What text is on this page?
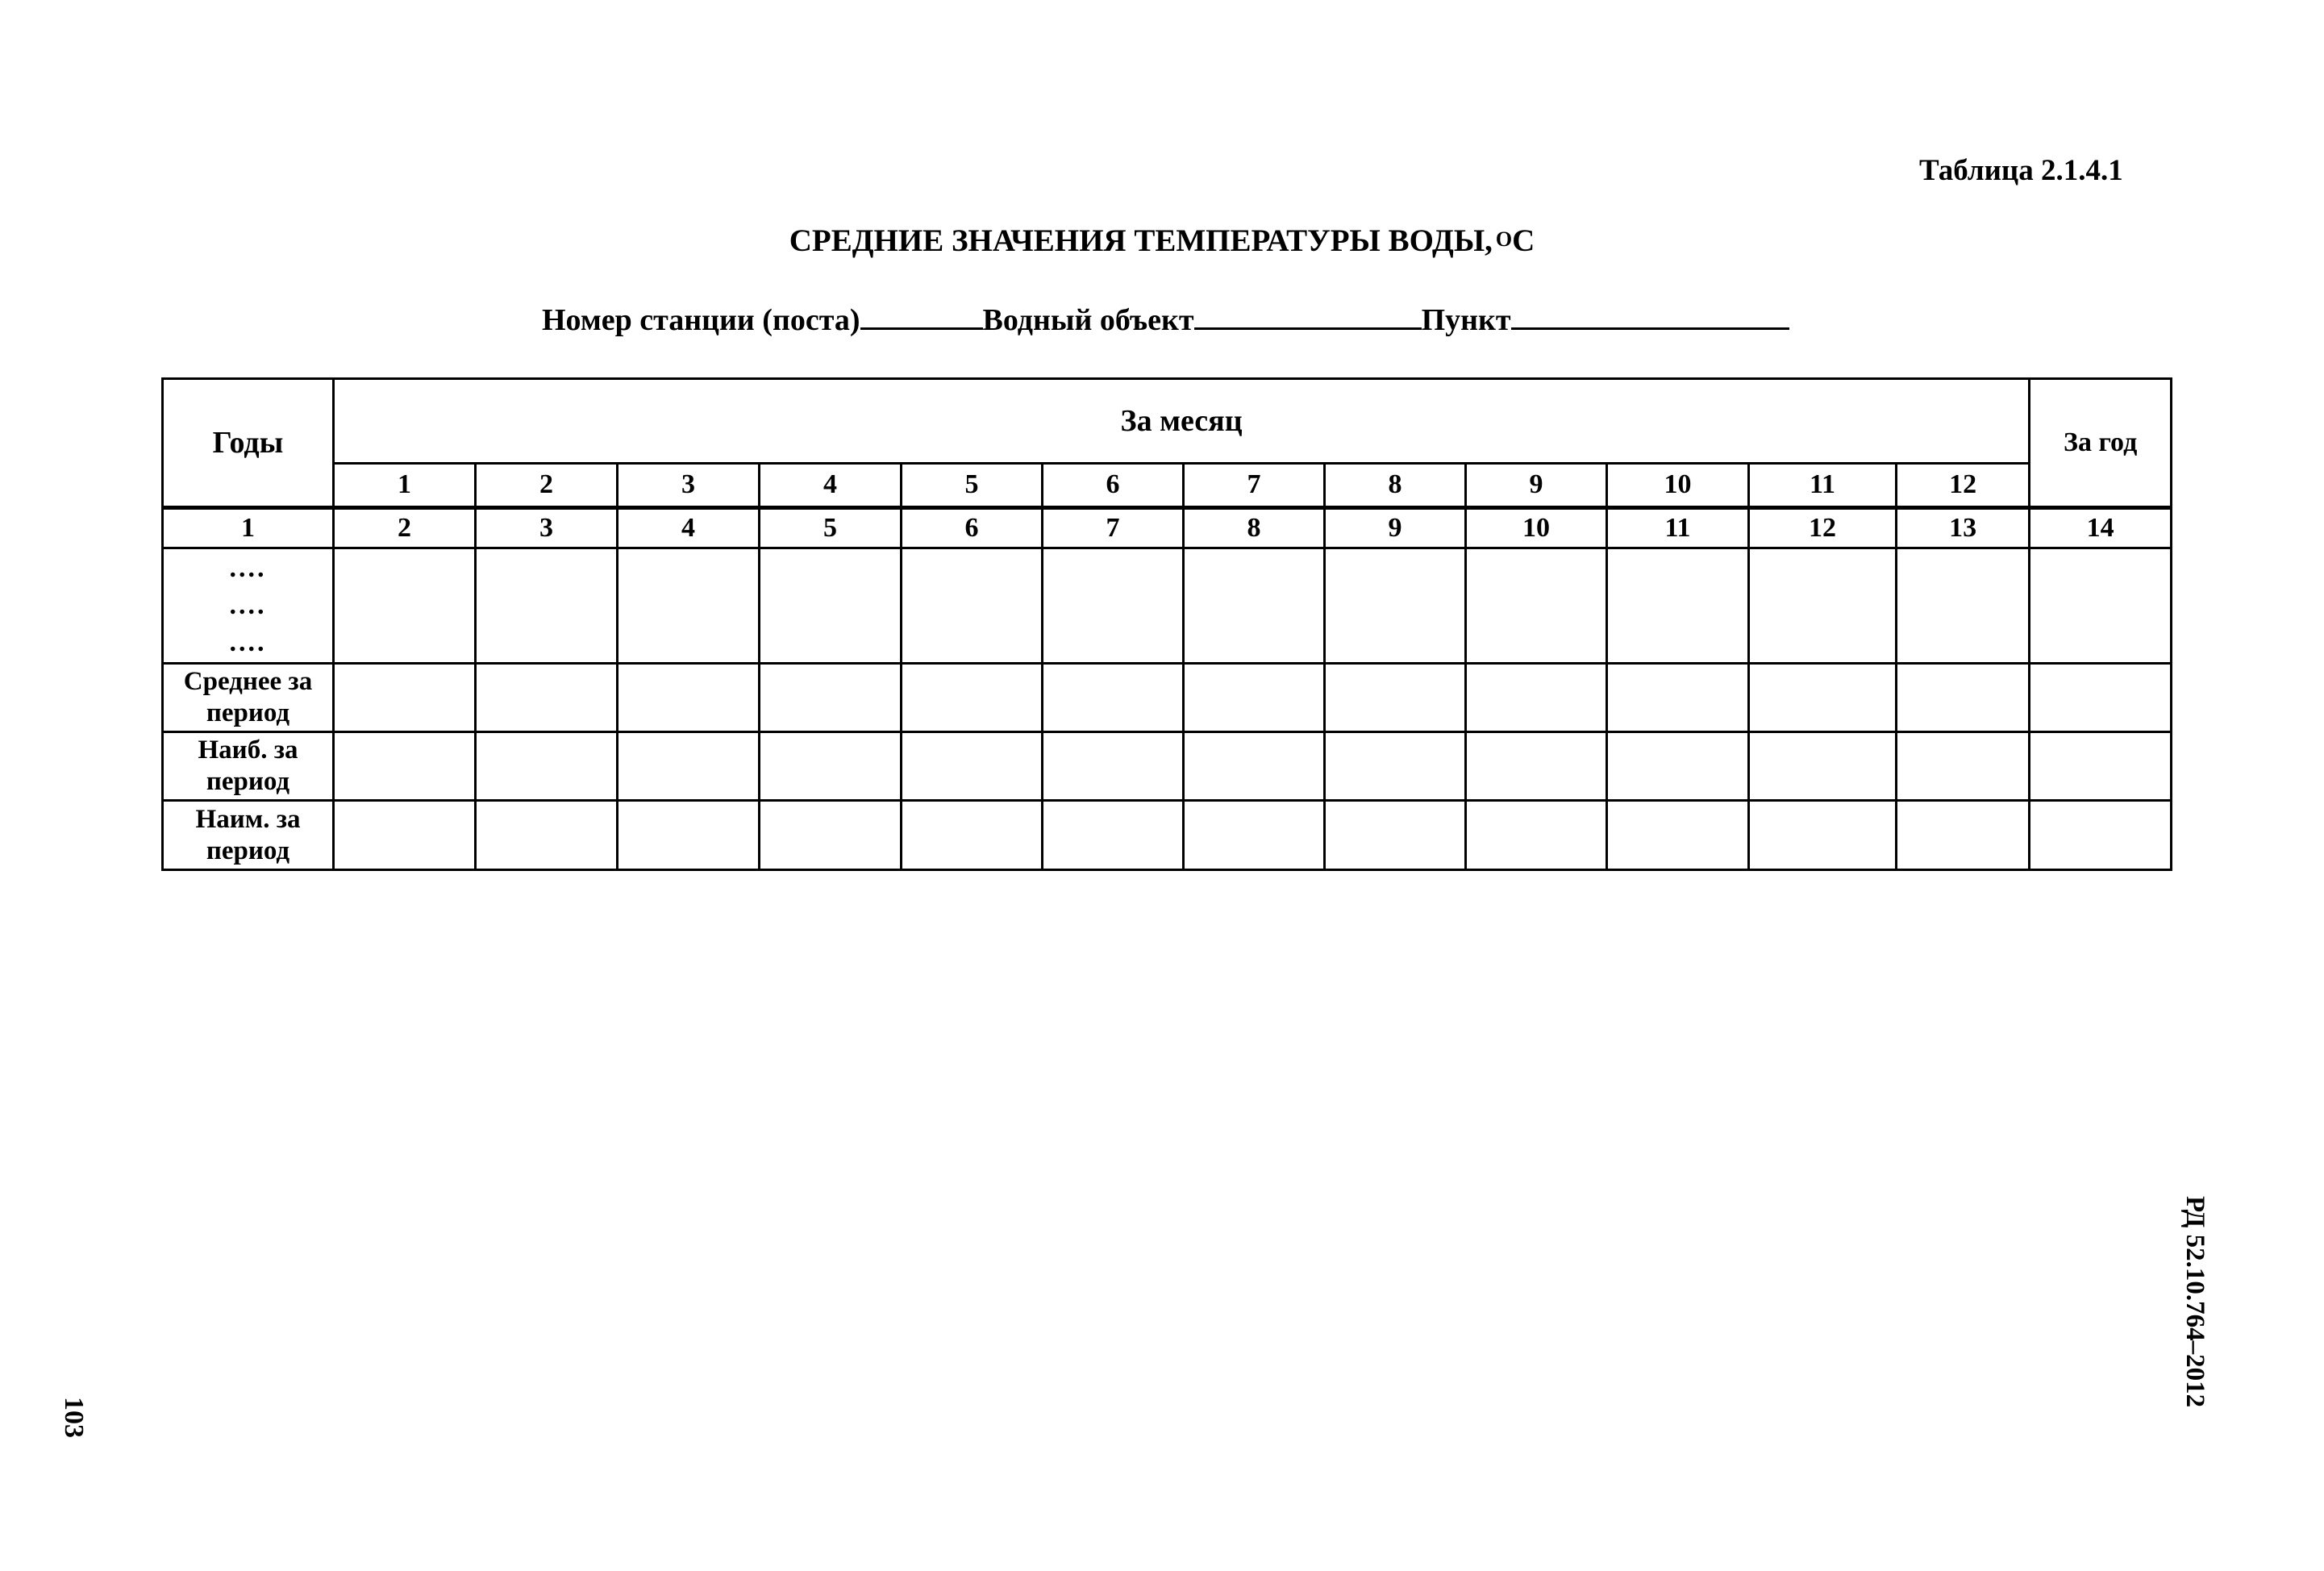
Таблица 2.1.4.1
СРЕДНИЕ ЗНАЧЕНИЯ ТЕМПЕРАТУРЫ ВОДЫ, $^O$C
Номер станции (поста)	Водный объект	Пункт
Годы	За месяц												За год
	1	2	3	4	5	6	7	8	9	10	11	12	
1	2	3	4	5	6	7	8	9	10	11	12	13	14

....
....
....													

Среднее за
период													

Наиб. за
период													

Наим. за
период													

103
РД 52.10.764–2012
